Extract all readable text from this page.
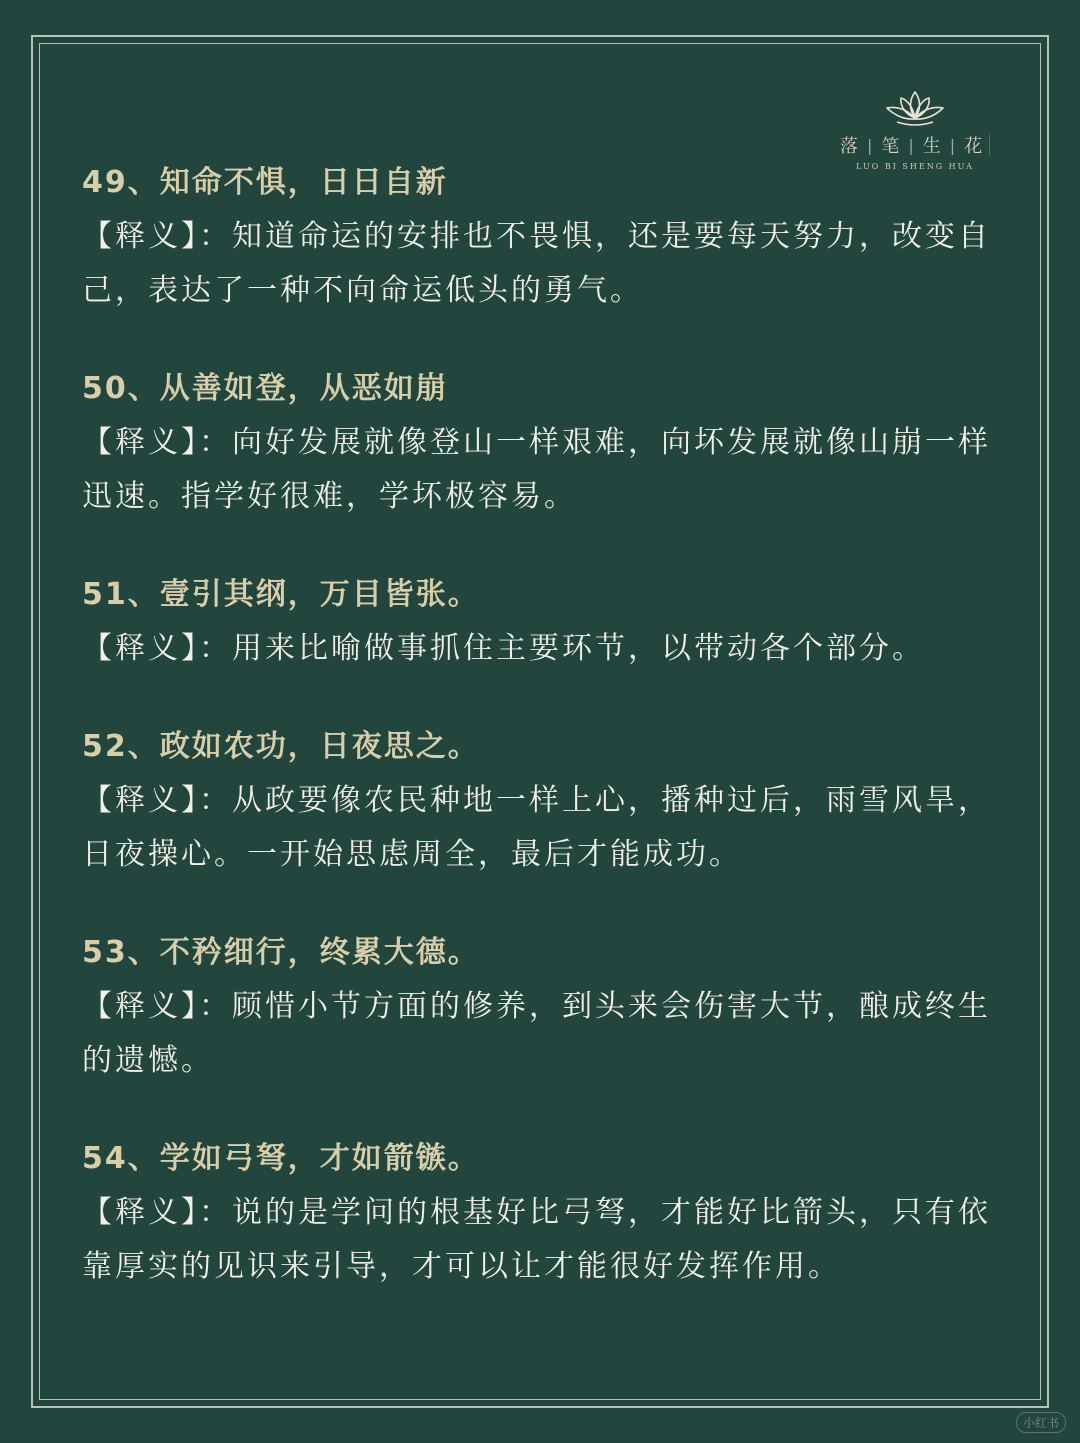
落 | 笔 | 生 | 花
LUO BI SHENG HUA

49、知命不惧，日日自新

【释义】：知道命运的安排也不畏惧，还是要每天努力，改变自己，表达了一种不向命运低头的勇气。

50、从善如登，从恶如崩

【释义】：向好发展就像登山一样艰难，向坏发展就像山崩一样迅速。指学好很难，学坏极容易。

51、壹引其纲，万目皆张。

【释义】：用来比喻做事抓住主要环节，以带动各个部分。

52、政如农功，日夜思之。

【释义】：从政要像农民种地一样上心，播种过后，雨雪风旱，日夜操心。一开始思虑周全，最后才能成功。

53、不矜细行，终累大德。

【释义】：顾惜小节方面的修养，到头来会伤害大节，酿成终生的遗憾。

54、学如弓弩，才如箭镞。

【释义】：说的是学问的根基好比弓弩，才能好比箭头，只有依靠厚实的见识来引导，才可以让才能很好发挥作用。

小红书
